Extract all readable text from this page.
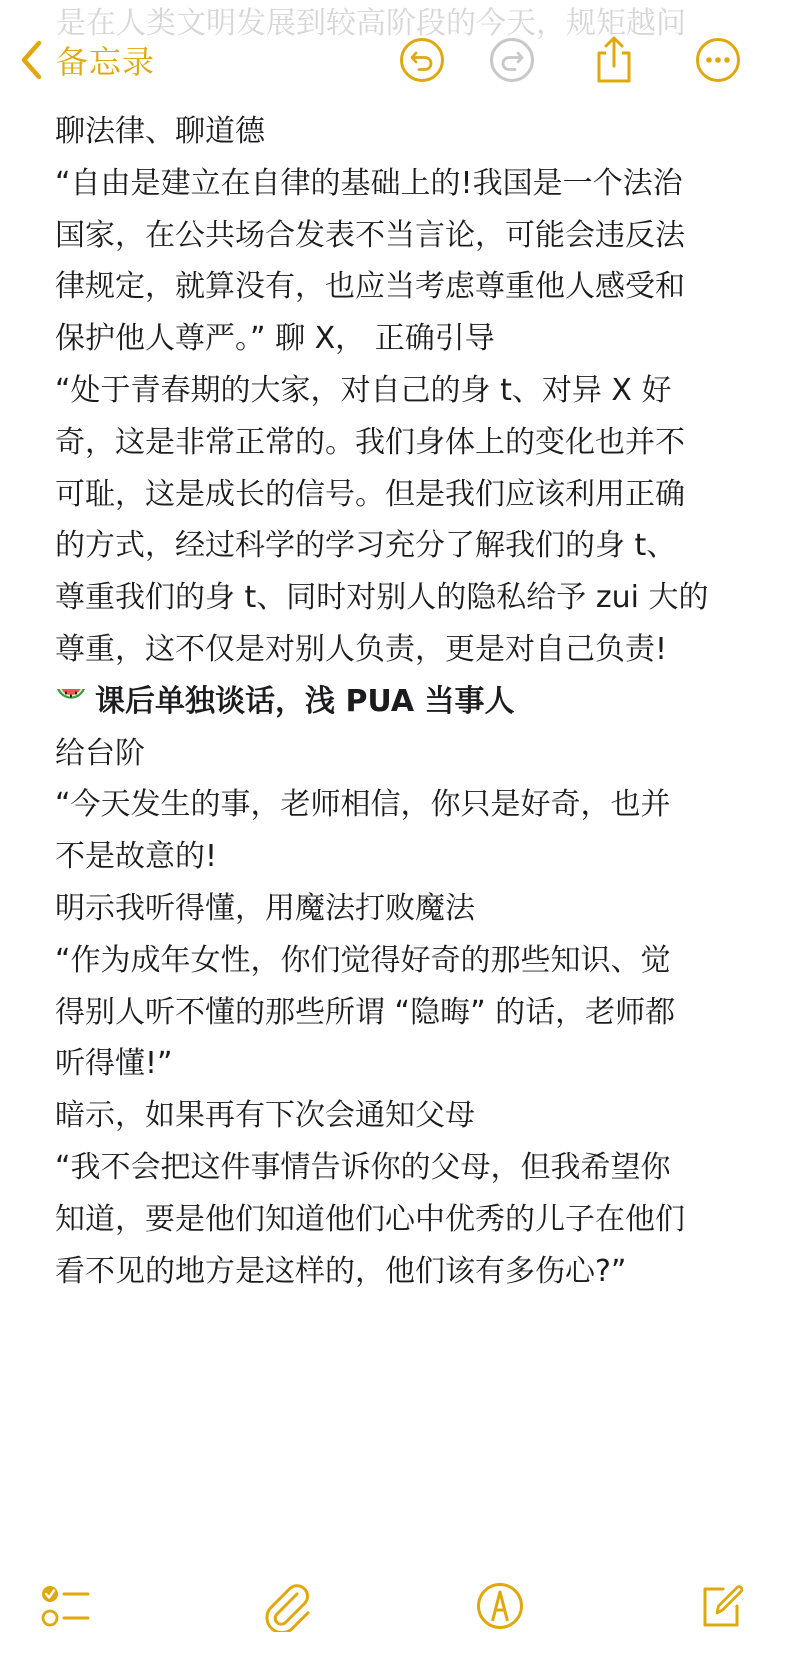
是在人类文明发展到较高阶段的今天，规矩越问
备忘录
聊法律、聊道德
“自由是建立在自律的基础上的!我国是一个法治
国家，在公共场合发表不当言论，可能会违反法
律规定，就算没有，也应当考虑尊重他人感受和
保护他人尊严。” 聊 X， 正确引导
“处于青春期的大家，对自己的身 t、对异 X 好
奇，这是非常正常的。我们身体上的变化也并不
可耻，这是成长的信号。但是我们应该利用正确
的方式，经过科学的学习充分了解我们的身 t、
尊重我们的身 t、同时对别人的隐私给予 zui 大的
尊重，这不仅是对别人负责，更是对自己负责!
课后单独谈话，浅 PUA 当事人
给台阶
“今天发生的事，老师相信，你只是好奇，也并
不是故意的!
明示我听得懂，用魔法打败魔法
“作为成年女性，你们觉得好奇的那些知识、觉
得别人听不懂的那些所谓 “隐晦” 的话，老师都
听得懂!”
暗示，如果再有下次会通知父母
“我不会把这件事情告诉你的父母，但我希望你
知道，要是他们知道他们心中优秀的儿子在他们
看不见的地方是这样的，他们该有多伤心?”
